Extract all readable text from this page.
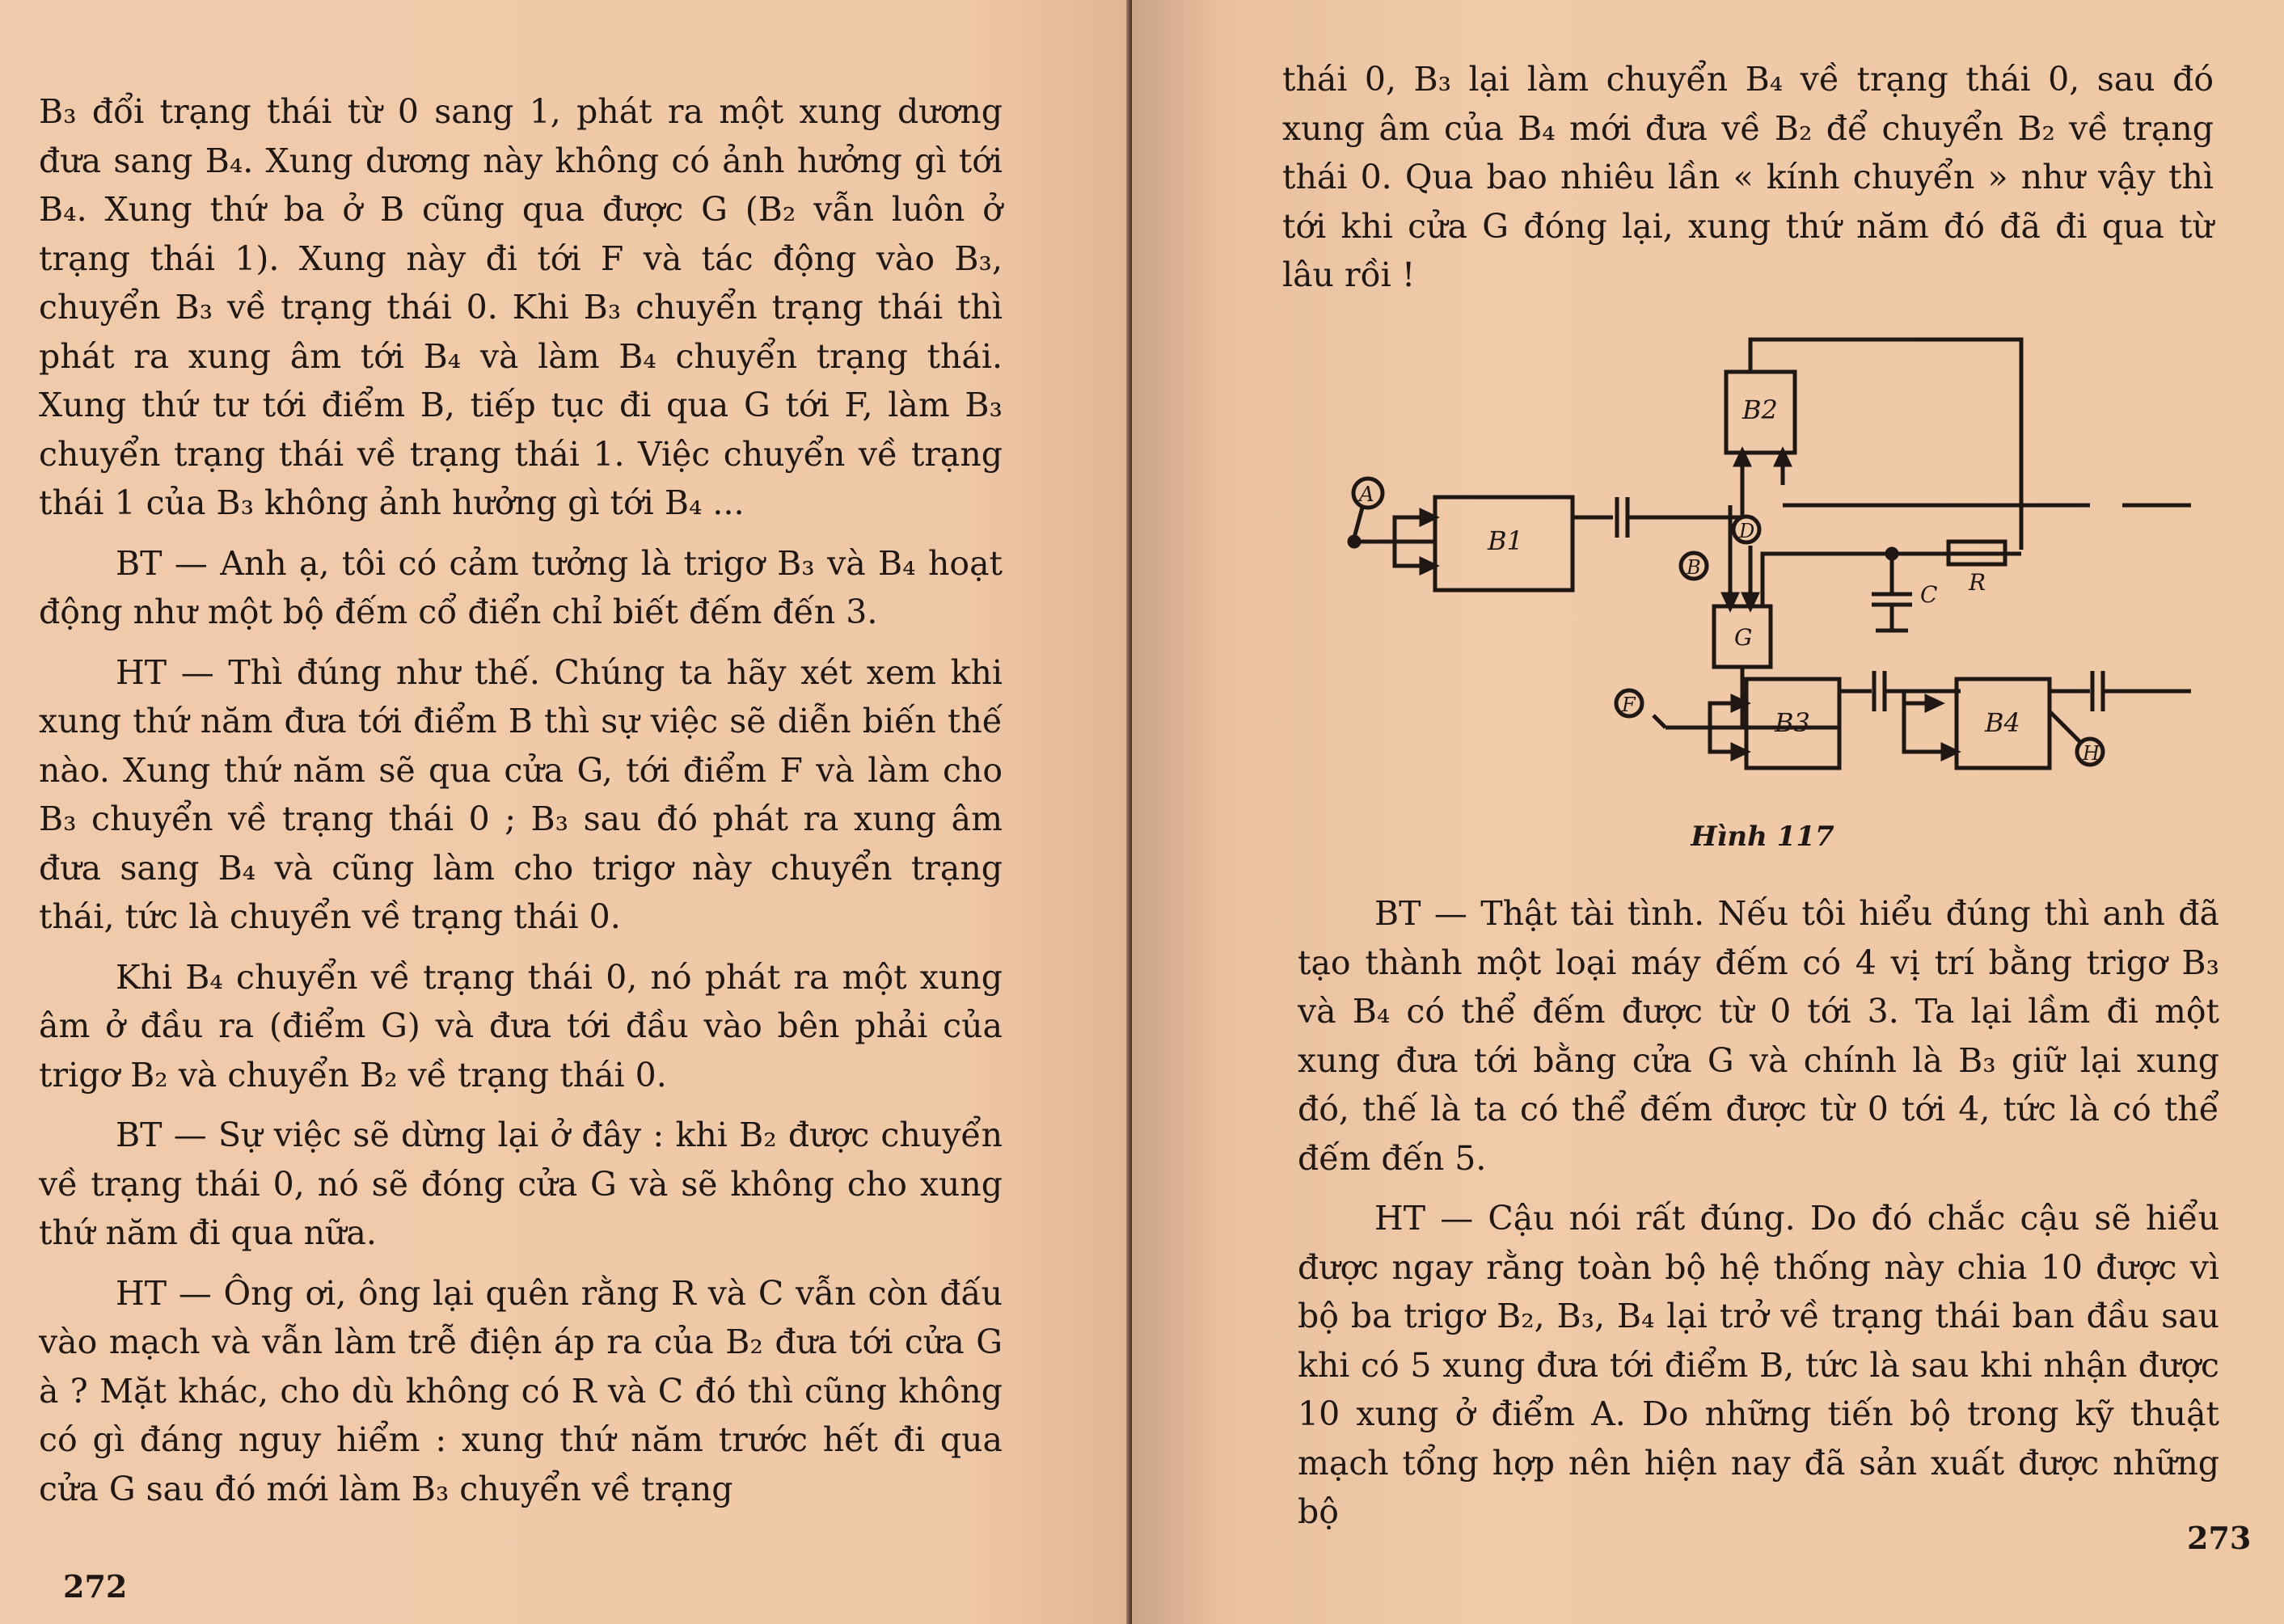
B₃ đổi trạng thái từ 0 sang 1, phát ra một xung dương đưa sang B₄. Xung dương này không có ảnh hưởng gì tới B₄. Xung thứ ba ở B cũng qua được G (B₂ vẫn luôn ở trạng thái 1). Xung này đi tới F và tác động vào B₃, chuyển B₃ về trạng thái 0. Khi B₃ chuyển trạng thái thì phát ra xung âm tới B₄ và làm B₄ chuyển trạng thái. Xung thứ tư tới điểm B, tiếp tục đi qua G tới F, làm B₃ chuyển trạng thái về trạng thái 1. Việc chuyển về trạng thái 1 của B₃ không ảnh hưởng gì tới B₄ ...

BT — Anh ạ, tôi có cảm tưởng là trigơ B₃ và B₄ hoạt động như một bộ đếm cổ điển chỉ biết đếm đến 3.

HT — Thì đúng như thế. Chúng ta hãy xét xem khi xung thứ năm đưa tới điểm B thì sự việc sẽ diễn biến thế nào. Xung thứ năm sẽ qua cửa G, tới điểm F và làm cho B₃ chuyển về trạng thái 0 ; B₃ sau đó phát ra xung âm đưa sang B₄ và cũng làm cho trigơ này chuyển trạng thái, tức là chuyển về trạng thái 0.

Khi B₄ chuyển về trạng thái 0, nó phát ra một xung âm ở đầu ra (điểm G) và đưa tới đầu vào bên phải của trigơ B₂ và chuyển B₂ về trạng thái 0.

BT — Sự việc sẽ dừng lại ở đây : khi B₂ được chuyển về trạng thái 0, nó sẽ đóng cửa G và sẽ không cho xung thứ năm đi qua nữa.

HT — Ông ơi, ông lại quên rằng R và C vẫn còn đấu vào mạch và vẫn làm trễ điện áp ra của B₂ đưa tới cửa G à ? Mặt khác, cho dù không có R và C đó thì cũng không có gì đáng nguy hiểm : xung thứ năm trước hết đi qua cửa G sau đó mới làm B₃ chuyển về trạng

272

thái 0, B₃ lại làm chuyển B₄ về trạng thái 0, sau đó xung âm của B₄ mới đưa về B₂ để chuyển B₂ về trạng thái 0. Qua bao nhiêu lần « kính chuyển » như vậy thì tới khi cửa G đóng lại, xung thứ năm đó đã đi qua từ lâu rồi !

B2
A
B1
B
D
C R
G
F
B3	B4
H
Hình 117

BT — Thật tài tình. Nếu tôi hiểu đúng thì anh đã tạo thành một loại máy đếm có 4 vị trí bằng trigơ B₃ và B₄ có thể đếm được từ 0 tới 3. Ta lại lầm đi một xung đưa tới bằng cửa G và chính là B₃ giữ lại xung đó, thế là ta có thể đếm được từ 0 tới 4, tức là có thể đếm đến 5.

HT — Cậu nói rất đúng. Do đó chắc cậu sẽ hiểu được ngay rằng toàn bộ hệ thống này chia 10 được vì bộ ba trigơ B₂, B₃, B₄ lại trở về trạng thái ban đầu sau khi có 5 xung đưa tới điểm B, tức là sau khi nhận được 10 xung ở điểm A. Do những tiến bộ trong kỹ thuật mạch tổng hợp nên hiện nay đã sản xuất được những bộ

273
